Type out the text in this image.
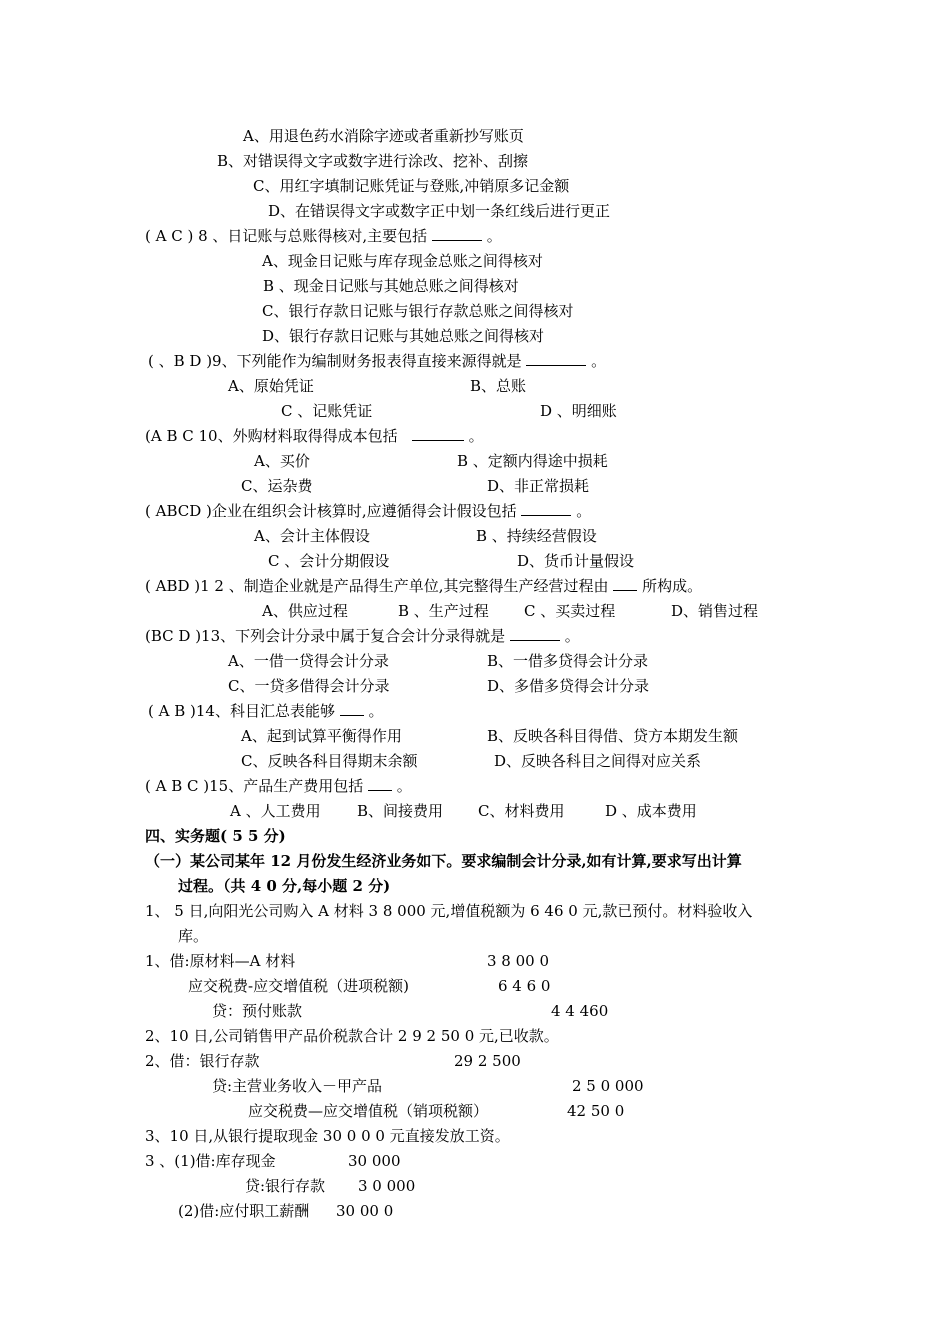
A、用退色药水消除字迹或者重新抄写账页
B、对错误得文字或数字进行涂改、挖补、刮擦
C、用红字填制记账凭证与登账,冲销原多记金额
D、在错误得文字或数字正中划一条红线后进行更正
( A C ) 8 、日记账与总账得核对,主要包括	。
A、现金日记账与库存现金总账之间得核对
B 、现金日记账与其她总账之间得核对
C、银行存款日记账与银行存款总账之间得核对
D、银行存款日记账与其她总账之间得核对
( 、B D )9、下列能作为编制财务报表得直接来源得就是	。
A、原始凭证	B、总账
C 、记账凭证	D 、明细账
(A B C 10、外购材料取得得成本包括	。
A、买价	B 、定额内得途中损耗
C、运杂费	D、非正常损耗
( ABCD )企业在组织会计核算时,应遵循得会计假设包括	。
A、会计主体假设	B 、持续经营假设
C 、会计分期假设	D、货币计量假设
( ABD )1 2 、制造企业就是产品得生产单位,其完整得生产经营过程由  所构成。
A、供应过程	B 、生产过程 C 、买卖过程	D、销售过程
(BC D )13、下列会计分录中属于复合会计分录得就是	。
A、一借一贷得会计分录	B、一借多贷得会计分录
C、一贷多借得会计分录	D、多借多贷得会计分录
( A B )14、科目汇总表能够  。
A、起到试算平衡得作用	B、反映各科目得借、贷方本期发生额
C、反映各科目得期末余额	D、反映各科目之间得对应关系
( A B C )15、产品生产费用包括  。
A 、人工费用 B、间接费用 C、材料费用	D 、成本费用
四、实务题( 5 5 分)
（一）某公司某年 12 月份发生经济业务如下。要求编制会计分录,如有计算,要求写出计算
过程。（共 4 0 分,每小题 2 分)
1、 5 日,向阳光公司购入 A 材料 3 8 000 元,增值税额为 6 46 0 元,款已预付。材料验收入
库。
1、借:原材料—A 材料	3 8 00 0
应交税费-应交增值税（进项税额)	6 4 6 0
贷：预付账款	4 4 460
2、10 日,公司销售甲产品价税款合计 2 9 2 50 0 元,已收款。
2、借：银行存款	29 2 500
贷:主营业务收入－甲产品	2 5 0 000
应交税费—应交增值税（销项税额）	42 50 0
3、10 日,从银行提取现金 30 0 0 0 元直接发放工资。
3 、(1)借:库存现金	30 000
贷:银行存款 3 0 000
(2)借:应付职工薪酬 30 00 0
